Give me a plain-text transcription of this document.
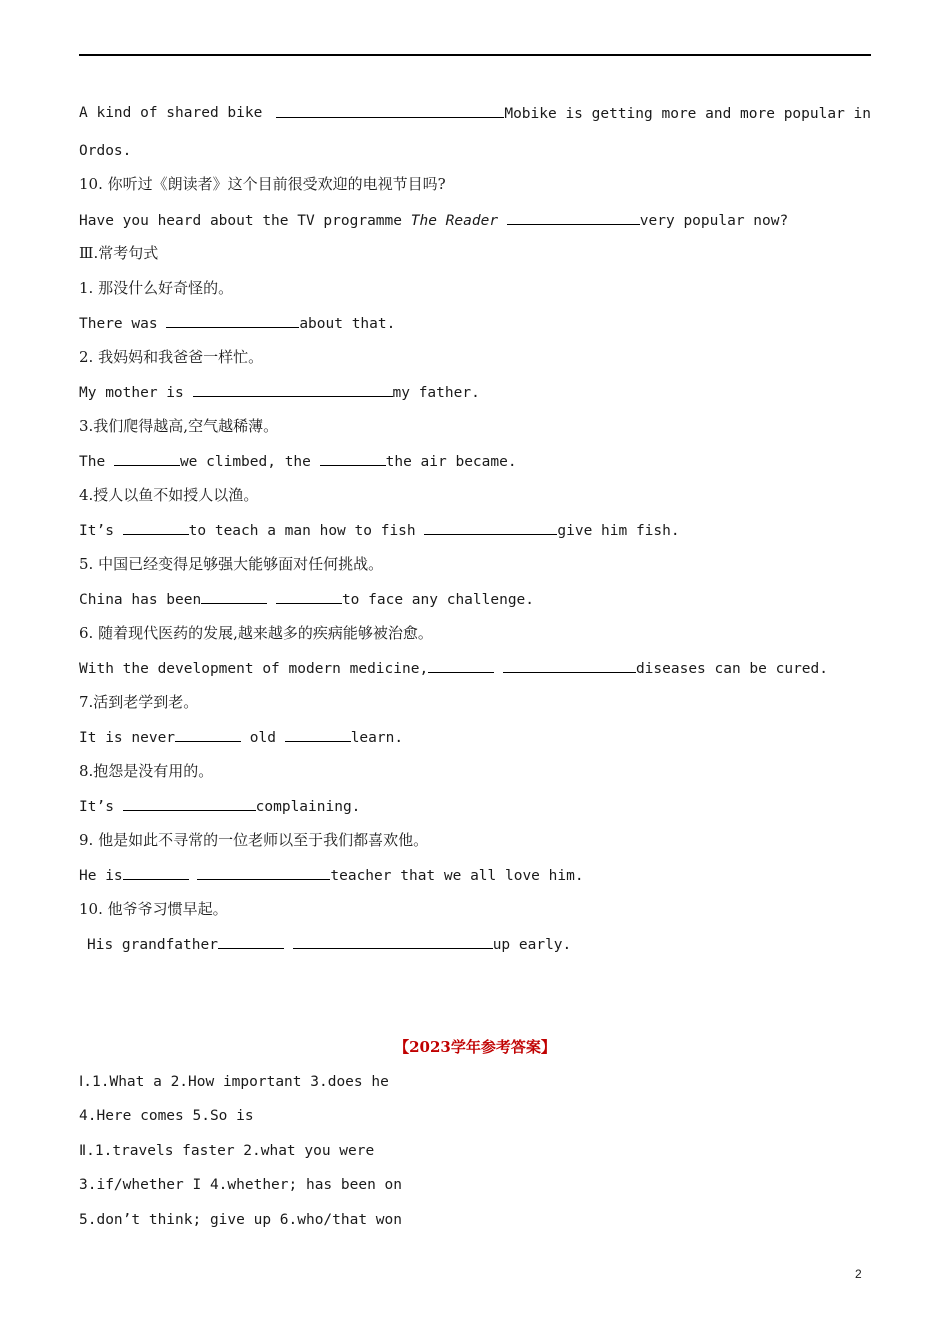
A kind of shared bike	Mobike is getting more and more popular in
Ordos.
10. 你听过《朗读者》这个目前很受欢迎的电视节目吗?
Have you heard about the TV programme The Reader	very popular now?
Ⅲ.常考句式
1. 那没什么好奇怪的。
There was	about that.
2. 我妈妈和我爸爸一样忙。
My mother is	my father.
3.我们爬得越高,空气越稀薄。
The	we climbed, the	the air became.
4.授人以鱼不如授人以渔。
It’s	to teach a man how to fish	give him fish.
5. 中国已经变得足够强大能够面对任何挑战。
China has been	to face any challenge.
6. 随着现代医药的发展,越来越多的疾病能够被治愈。
With the development of modern medicine,	diseases can be cured.
7.活到老学到老。
It is never	old	learn.
8.抱怨是没有用的。
It’s	complaining.
9. 他是如此不寻常的一位老师以至于我们都喜欢他。
He is	teacher that we all love him.
10. 他爷爷习惯早起。
His grandfather	up early.
【2023学年参考答案】
Ⅰ.1.What a 2.How important 3.does he
4.Here comes 5.So is
Ⅱ.1.travels faster 2.what you were
3.if/whether I 4.whether; has been on
5.don’t think; give up 6.who/that won
2
